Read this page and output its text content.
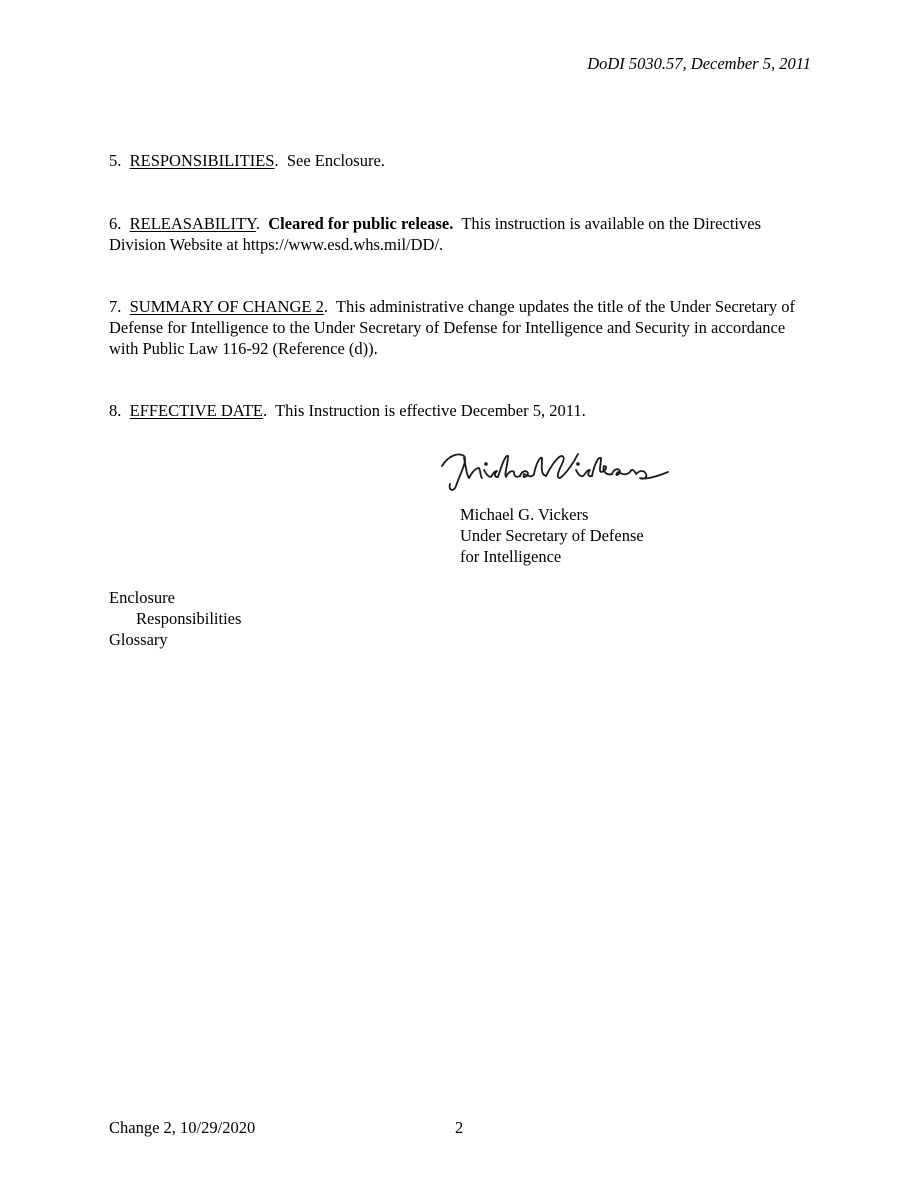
DoDI 5030.57, December 5, 2011
5. RESPONSIBILITIES.  See Enclosure.
6. RELEASABILITY.  Cleared for public release. This instruction is available on the Directives Division Website at https://www.esd.whs.mil/DD/.
7. SUMMARY OF CHANGE 2.  This administrative change updates the title of the Under Secretary of Defense for Intelligence to the Under Secretary of Defense for Intelligence and Security in accordance with Public Law 116-92 (Reference (d)).
8. EFFECTIVE DATE.  This Instruction is effective December 5, 2011.
Michael G. Vickers
Under Secretary of Defense
for Intelligence
Enclosure
Responsibilities
Glossary
Change 2, 10/29/2020	2
